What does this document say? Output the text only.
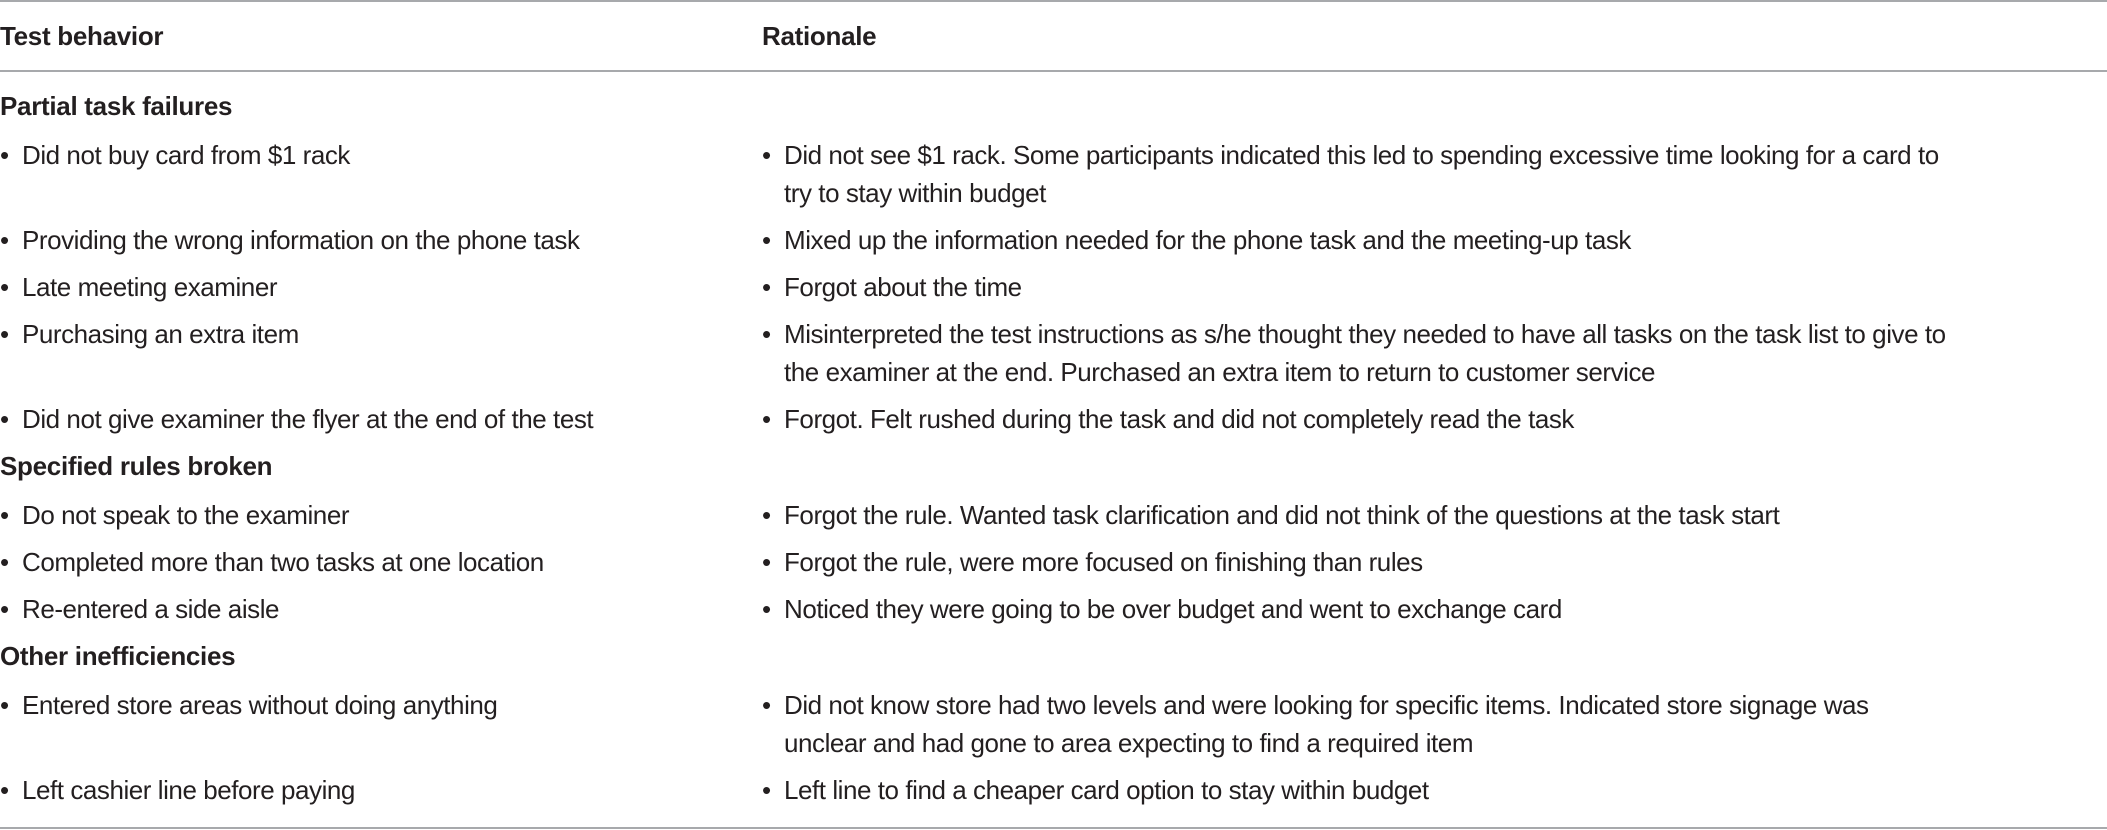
Test behavior	Rationale
Partial task failures
• Did not buy card from $1 rack	• Did not see $1 rack. Some participants indicated this led to spending excessive time looking for a card to
try to stay within budget
• Providing the wrong information on the phone task	• Mixed up the information needed for the phone task and the meeting-up task
• Late meeting examiner	• Forgot about the time
• Purchasing an extra item	• Misinterpreted the test instructions as s/he thought they needed to have all tasks on the task list to give to
the examiner at the end. Purchased an extra item to return to customer service
• Did not give examiner the flyer at the end of the test	• Forgot. Felt rushed during the task and did not completely read the task
Specified rules broken
• Do not speak to the examiner	• Forgot the rule. Wanted task clarification and did not think of the questions at the task start
• Completed more than two tasks at one location	• Forgot the rule, were more focused on finishing than rules
• Re-entered a side aisle	• Noticed they were going to be over budget and went to exchange card
Other inefficiencies
• Entered store areas without doing anything	• Did not know store had two levels and were looking for specific items. Indicated store signage was
unclear and had gone to area expecting to find a required item
• Left cashier line before paying	• Left line to find a cheaper card option to stay within budget
